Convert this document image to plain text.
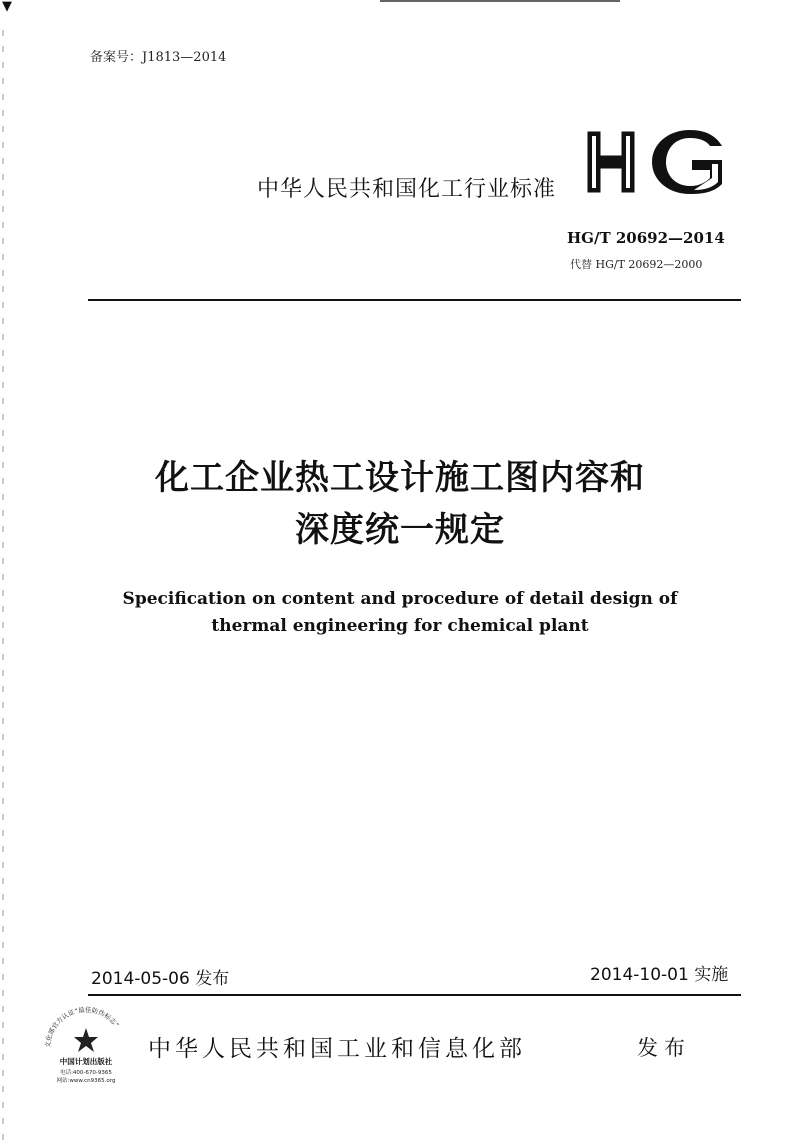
▼
备案号：J1813—2014
中华人民共和国化工行业标准
HG/T 20692—2014
代替 HG/T 20692—2000
化工企业热工设计施工图内容和
深度统一规定
Specification on content and procedure of detail design of
thermal engineering for chemical plant
2014-05-06 发布	2014-10-01 实施
文化部官方认证“最佳防伪标志”
中国计划出版社
电话:400-670-9365
网站:www.cn9365.org
中华人民共和国工业和信息化部	发布
